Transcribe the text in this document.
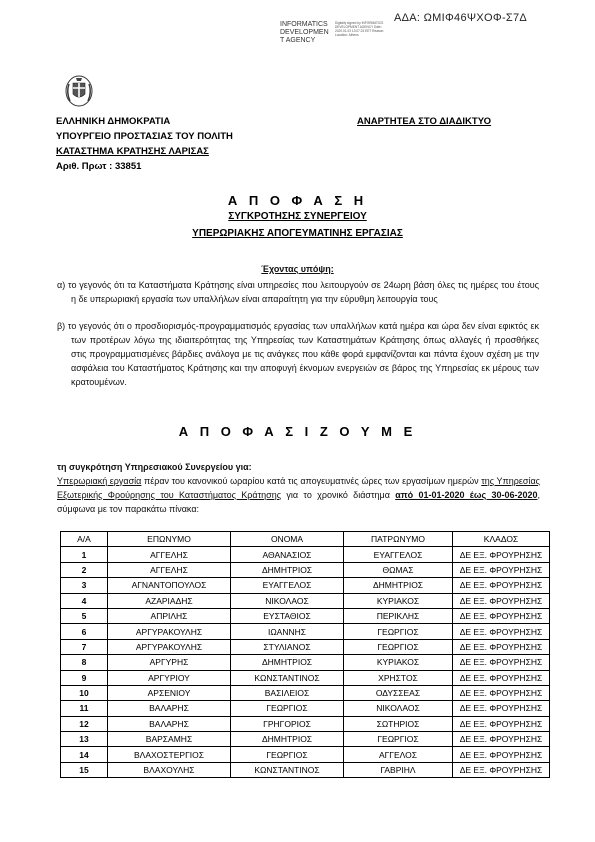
ΑΔΑ: ΩΜΙΦ46ΨΧΟΦ-Σ7Δ
INFORMATICS
DEVELOPMEN
T AGENCY
Digitally signed by INFORMATICS DEVELOPMENT AGENCY Date: 2020.01.03 13:07:23 EET Reason: Location: Athens
ΕΛΛΗΝΙΚΗ ΔΗΜΟΚΡΑΤΙΑ
ΥΠΟΥΡΓΕΙΟ ΠΡΟΣΤΑΣΙΑΣ ΤΟΥ ΠΟΛΙΤΗ
ΚΑΤΑΣΤΗΜΑ ΚΡΑΤΗΣΗΣ ΛΑΡΙΣΑΣ
Αριθ. Πρωτ : 33851
ΑΝΑΡΤΗΤΕΑ ΣΤΟ ΔΙΑΔΙΚΤΥΟ
Α Π Ο Φ Α Σ Η
ΣΥΓΚΡΟΤΗΣΗΣ ΣΥΝΕΡΓΕΙΟΥ
ΥΠΕΡΩΡΙΑΚΗΣ ΑΠΟΓΕΥΜΑΤΙΝΗΣ ΕΡΓΑΣΙΑΣ
Έχοντας υπόψη:
α) το γεγονός ότι τα Καταστήματα Κράτησης είναι υπηρεσίες που λειτουργούν σε 24ωρη βάση όλες τις ημέρες του έτους η δε υπερωριακή εργασία των υπαλλήλων είναι απαραίτητη για την εύρυθμη λειτουργία τους
β) το γεγονός ότι ο προσδιορισμός-προγραμματισμός εργασίας των υπαλλήλων κατά ημέρα και ώρα δεν είναι εφικτός εκ των προτέρων λόγω της ιδιαιτερότητας της Υπηρεσίας των Καταστημάτων Κράτησης όπως αλλαγές ή προσθήκες στις προγραμματισμένες βάρδιες ανάλογα με τις ανάγκες που κάθε φορά εμφανίζονται και πάντα έχουν σχέση με την ασφάλεια του Καταστήματος Κράτησης και την αποφυγή έκνομων ενεργειών σε βάρος της Υπηρεσίας εκ μέρους των κρατουμένων.
Α Π Ο Φ Α Σ Ι Ζ Ο Υ Μ Ε
τη συγκρότηση Υπηρεσιακού Συνεργείου για:
Υπερωριακή εργασία πέραν του κανονικού ωραρίου κατά τις απογευματινές ώρες των εργασίμων ημερών της Υπηρεσίας Εξωτερικής Φρούρησης του Καταστήματος Κράτησης για το χρονικό διάστημα από 01-01-2020 έως 30-06-2020, σύμφωνα με τον παρακάτω πίνακα:
Α/Α	ΕΠΩΝΥΜΟ	ΟΝΟΜΑ	ΠΑΤΡΩΝΥΜΟ	ΚΛΑΔΟΣ
1	ΑΓΓΕΛΗΣ	ΑΘΑΝΑΣΙΟΣ	ΕΥΑΓΓΕΛΟΣ	ΔΕ ΕΞ. ΦΡΟΥΡΗΣΗΣ
2	ΑΓΓΕΛΗΣ	ΔΗΜΗΤΡΙΟΣ	ΘΩΜΑΣ	ΔΕ ΕΞ. ΦΡΟΥΡΗΣΗΣ
3	ΑΓΝΑΝΤΟΠΟΥΛΟΣ	ΕΥΑΓΓΕΛΟΣ	ΔΗΜΗΤΡΙΟΣ	ΔΕ ΕΞ. ΦΡΟΥΡΗΣΗΣ
4	ΑΖΑΡΙΑΔΗΣ	ΝΙΚΟΛΑΟΣ	ΚΥΡΙΑΚΟΣ	ΔΕ ΕΞ. ΦΡΟΥΡΗΣΗΣ
5	ΑΠΡΙΛΗΣ	ΕΥΣΤΑΘΙΟΣ	ΠΕΡΙΚΛΗΣ	ΔΕ ΕΞ. ΦΡΟΥΡΗΣΗΣ
6	ΑΡΓΥΡΑΚΟΥΛΗΣ	ΙΩΑΝΝΗΣ	ΓΕΩΡΓΙΟΣ	ΔΕ ΕΞ. ΦΡΟΥΡΗΣΗΣ
7	ΑΡΓΥΡΑΚΟΥΛΗΣ	ΣΤΥΛΙΑΝΟΣ	ΓΕΩΡΓΙΟΣ	ΔΕ ΕΞ. ΦΡΟΥΡΗΣΗΣ
8	ΑΡΓΥΡΗΣ	ΔΗΜΗΤΡΙΟΣ	ΚΥΡΙΑΚΟΣ	ΔΕ ΕΞ. ΦΡΟΥΡΗΣΗΣ
9	ΑΡΓΥΡΙΟΥ	ΚΩΝΣΤΑΝΤΙΝΟΣ	ΧΡΗΣΤΟΣ	ΔΕ ΕΞ. ΦΡΟΥΡΗΣΗΣ
10	ΑΡΣΕΝΙΟΥ	ΒΑΣΙΛΕΙΟΣ	ΟΔΥΣΣΕΑΣ	ΔΕ ΕΞ. ΦΡΟΥΡΗΣΗΣ
11	ΒΑΛΑΡΗΣ	ΓΕΩΡΓΙΟΣ	ΝΙΚΟΛΑΟΣ	ΔΕ ΕΞ. ΦΡΟΥΡΗΣΗΣ
12	ΒΑΛΑΡΗΣ	ΓΡΗΓΟΡΙΟΣ	ΣΩΤΗΡΙΟΣ	ΔΕ ΕΞ. ΦΡΟΥΡΗΣΗΣ
13	ΒΑΡΣΑΜΗΣ	ΔΗΜΗΤΡΙΟΣ	ΓΕΩΡΓΙΟΣ	ΔΕ ΕΞ. ΦΡΟΥΡΗΣΗΣ
14	ΒΛΑΧΟΣΤΕΡΓΙΟΣ	ΓΕΩΡΓΙΟΣ	ΑΓΓΕΛΟΣ	ΔΕ ΕΞ. ΦΡΟΥΡΗΣΗΣ
15	ΒΛΑΧΟΥΛΗΣ	ΚΩΝΣΤΑΝΤΙΝΟΣ	ΓΑΒΡΙΗΛ	ΔΕ ΕΞ. ΦΡΟΥΡΗΣΗΣ
